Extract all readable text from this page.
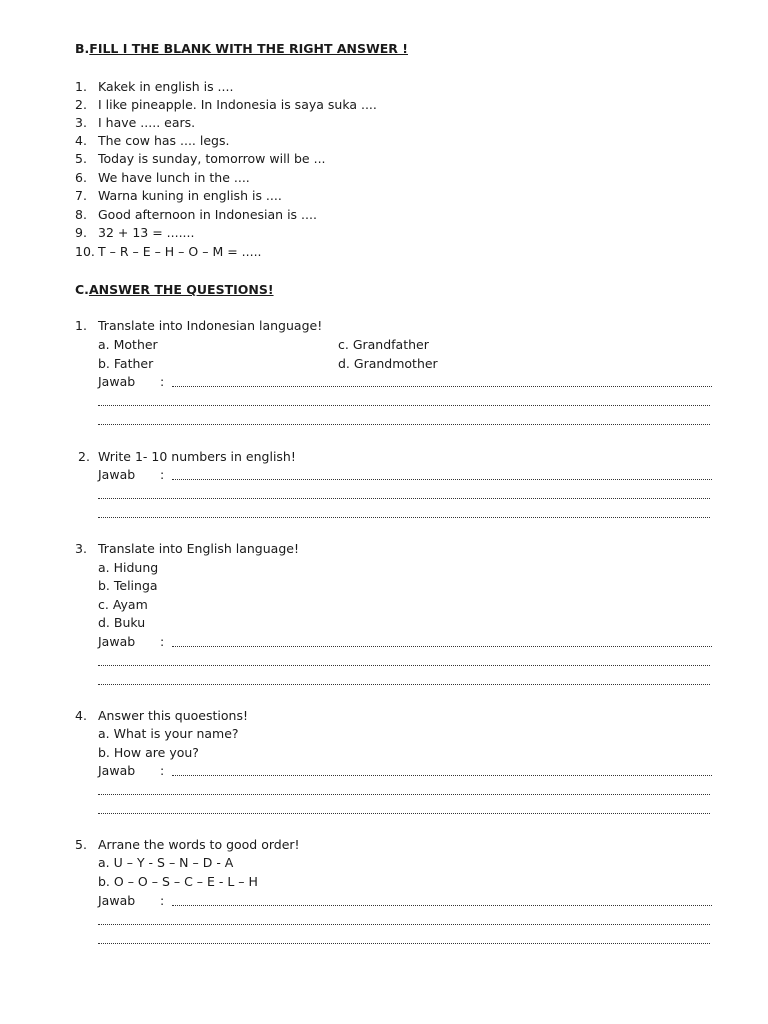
B.FILL I THE BLANK WITH THE RIGHT ANSWER !
1. Kakek in english is ....
2. I like pineapple. In Indonesia is saya suka ....
3. I have ..... ears.
4. The cow has .... legs.
5. Today is sunday, tomorrow will be ...
6. We have lunch in the ....
7. Warna kuning in english is ....
8. Good afternoon in Indonesian is ....
9. 32 + 13 = .......
10. T – R – E – H – O – M = .....
C.ANSWER THE QUESTIONS!
1. Translate into Indonesian language!
a. Mother	c. Grandfather
b. Father	d. Grandmother
Jawab :
2. Write 1- 10 numbers in english!
Jawab :
3. Translate into English language!
a. Hidung
b. Telinga
c. Ayam
d. Buku
Jawab :
4. Answer this quoestions!
a. What is your name?
b. How are you?
Jawab :
5. Arrane the words to good order!
a. U – Y - S – N – D - A
b. O – O – S – C – E - L – H
Jawab :
